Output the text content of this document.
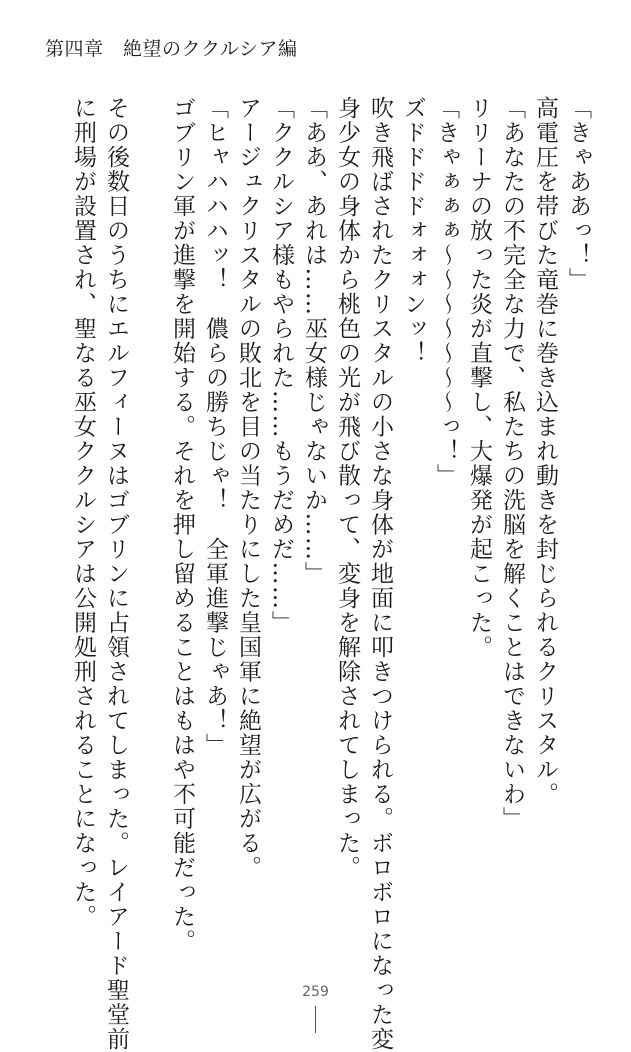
第四章　絶望のククルシア編
「きゃああっ！」
高電圧を帯びた竜巻に巻き込まれ動きを封じられるクリスタル。
「あなたの不完全な力で、私たちの洗脳を解くことはできないわ」
リリーナの放った炎が直撃し、大爆発が起こった。
「きゃぁぁぁ～～～～～～～っ！」
ズドドドドォォォンッ！
吹き飛ばされたクリスタルの小さな身体が地面に叩きつけられる。ボロボロになった変
身少女の身体から桃色の光が飛び散って、変身を解除されてしまった。
「ああ、あれは……巫女様じゃないか……」
「ククルシア様もやられた……もうだめだ……」
アージュクリスタルの敗北を目の当たりにした皇国軍に絶望が広がる。
「ヒャハハハッ！　儂らの勝ちじゃ！　全軍進撃じゃあ！」
ゴブリン軍が進撃を開始する。それを押し留めることはもはや不可能だった。
その後数日のうちにエルフィーヌはゴブリンに占領されてしまった。レイアード聖堂前
に刑場が設置され、聖なる巫女ククルシアは公開処刑されることになった。
259
